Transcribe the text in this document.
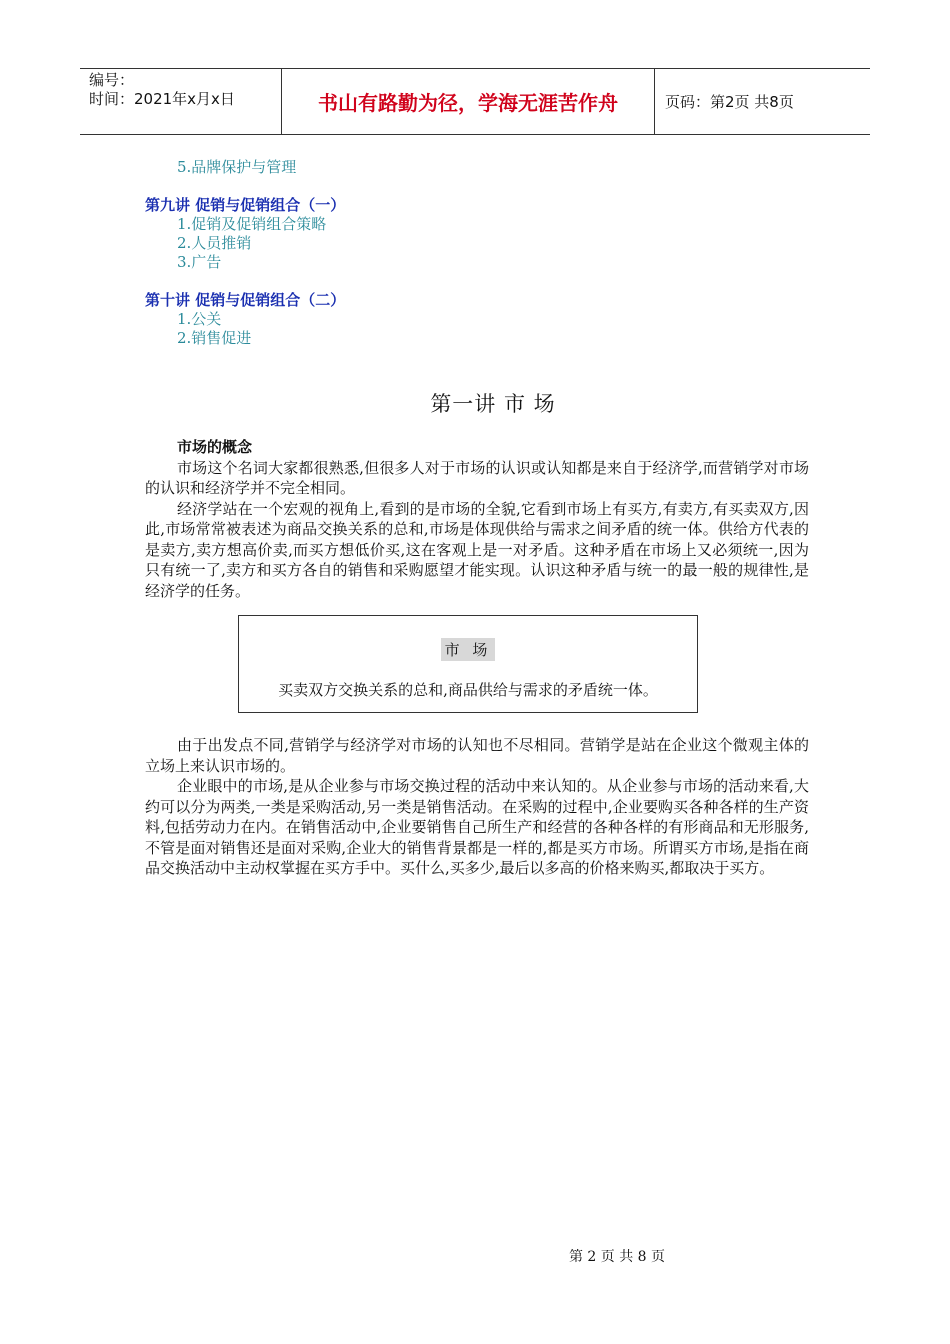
编号：
时间：2021年x月x日	书山有路勤为径，学海无涯苦作舟	页码：第2页 共8页
5.品牌保护与管理
第九讲 促销与促销组合（一）
1.促销及促销组合策略
2.人员推销
3.广告
第十讲 促销与促销组合（二）
1.公关
2.销售促进
第一讲 市 场
市场的概念

市场这个名词大家都很熟悉,但很多人对于市场的认识或认知都是来自于经济学,而营销学对市场的认识和经济学并不完全相同。

经济学站在一个宏观的视角上,看到的是市场的全貌,它看到市场上有买方,有卖方,有买卖双方,因此,市场常常被表述为商品交换关系的总和,市场是体现供给与需求之间矛盾的统一体。供给方代表的是卖方,卖方想高价卖,而买方想低价买,这在客观上是一对矛盾。这种矛盾在市场上又必须统一,因为只有统一了,卖方和买方各自的销售和采购愿望才能实现。认识这种矛盾与统一的最一般的规律性,是经济学的任务。

市 场
买卖双方交换关系的总和,商品供给与需求的矛盾统一体。

由于出发点不同,营销学与经济学对市场的认知也不尽相同。营销学是站在企业这个微观主体的立场上来认识市场的。

企业眼中的市场,是从企业参与市场交换过程的活动中来认知的。从企业参与市场的活动来看,大约可以分为两类,一类是采购活动,另一类是销售活动。在采购的过程中,企业要购买各种各样的生产资料,包括劳动力在内。在销售活动中,企业要销售自己所生产和经营的各种各样的有形商品和无形服务,不管是面对销售还是面对采购,企业大的销售背景都是一样的,都是买方市场。所谓买方市场,是指在商品交换活动中主动权掌握在买方手中。买什么,买多少,最后以多高的价格来购买,都取决于买方。

第 2 页 共 8 页
